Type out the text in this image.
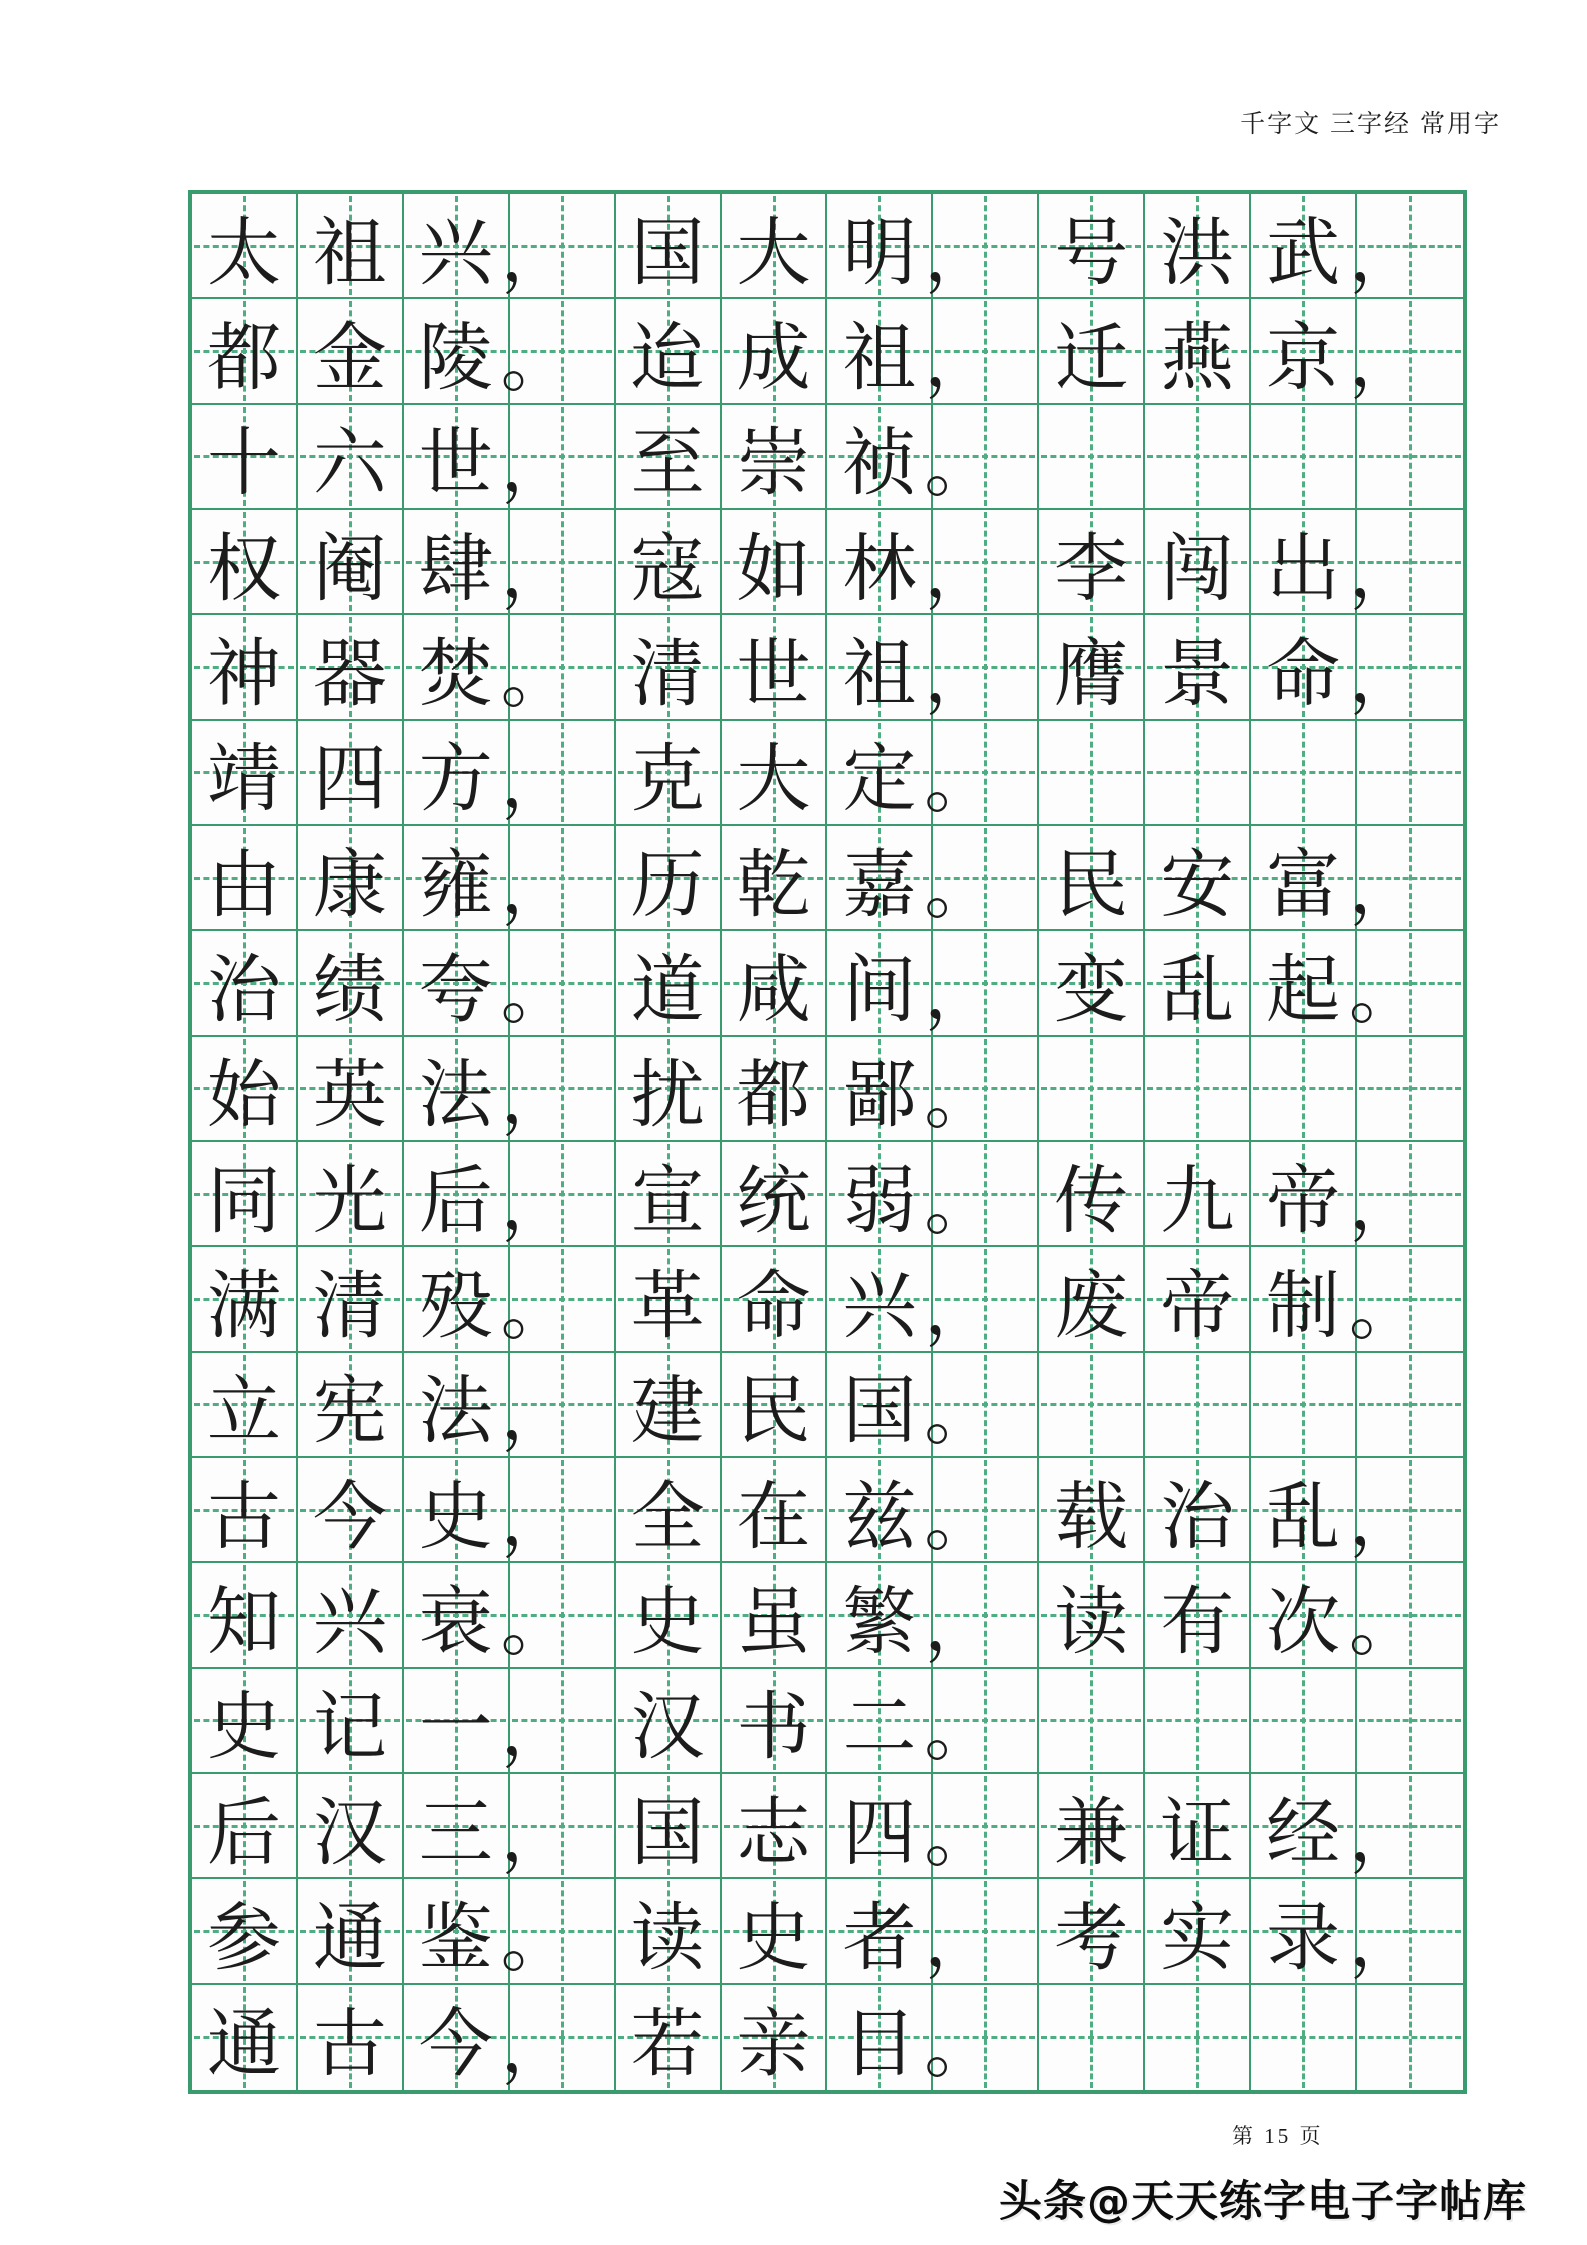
千字文 三字经 常用字
太 祖 兴 ， 国 大 明 ， 号 洪 武 ，
都 金 陵 。 迨 成 祖 ， 迁 燕 京 ，
十 六 世 ， 至 崇 祯 。
权 阉 肆 ， 寇 如 林 ， 李 闯 出 ，
神 器 焚 。 清 世 祖 ， 膺 景 命 ，
靖 四 方 ， 克 大 定 。
由 康 雍 ， 历 乾 嘉 。 民 安 富 ，
治 绩 夸 。 道 咸 间 ， 变 乱 起 。
始 英 法 ， 扰 都 鄙 。
同 光 后 ， 宣 统 弱 。 传 九 帝 ，
满 清 殁 。 革 命 兴 ， 废 帝 制 。
立 宪 法 ， 建 民 国 。
古 今 史 ， 全 在 兹 。 载 治 乱 ，
知 兴 衰 。 史 虽 繁 ， 读 有 次 。
史 记 一 ， 汉 书 二 。
后 汉 三 ， 国 志 四 。 兼 证 经 ，
参 通 鉴 。 读 史 者 ， 考 实 录 ，
通 古 今 ， 若 亲 目 。
第 15 页
头条@天天练字电子字帖库
